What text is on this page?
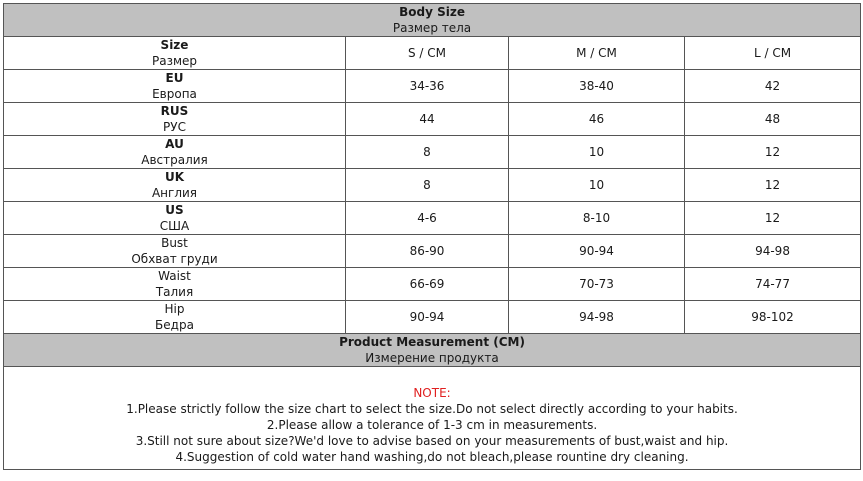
Body Size
Размер тела			

Size
Размер	S / CM	M / CM	L / CM

EU
Европа	34-36	38-40	42

RUS
РУС	44	46	48

AU
Австралия	8	10	12

UK
Англия	8	10	12

US
США	4-6	8-10	12

Bust
Обхват груди	86-90	90-94	94-98

Waist
Талия	66-69	70-73	74-77

Hip
Бедра	90-94	94-98	98-102

Product Measurement (CM)
Измерение продукта			

NOTE:
1.Please strictly follow the size chart to select the size.Do not select directly according to your habits.
2.Please allow a tolerance of 1-3 cm in measurements.
3.Still not sure about size?We'd love to advise based on your measurements of bust,waist and hip.
4.Suggestion of cold water hand washing,do not bleach,please rountine dry cleaning.			
